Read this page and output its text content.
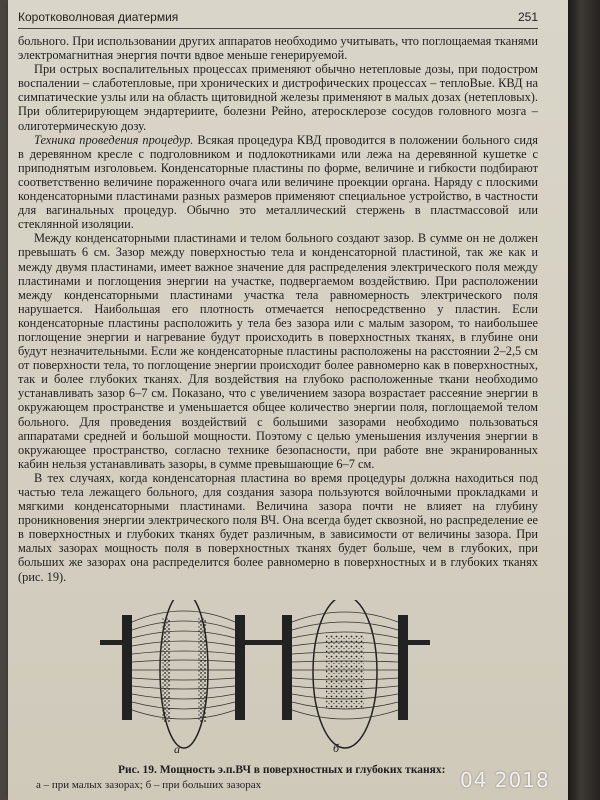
Коротковолновая диатермия	251

больного. При использовании других аппаратов необходимо учитывать, что поглощаемая тканями электромагнитная энергия почти вдвое меньше генерируемой.

При острых воспалительных процессах применяют обычно нетепловые дозы, при подостром воспалении – слаботепловые, при хронических и дистрофических процессах – теплоВые. КВД на симпатические узлы или на область щитовидной железы применяют в малых дозах (нетепловых). При облитерирующем эндартериите, болезни Рейно, атеросклерозе сосудов головного мозга – олиготермическую дозу.

Техника проведения процедур. Всякая процедура КВД проводится в положении больного сидя в деревянном кресле с подголовником и подлокотниками или лежа на деревянной кушетке с приподнятым изголовьем. Конденсаторные пластины по форме, величине и гибкости подбирают соответственно величине пораженного очага или величине проекции органа. Наряду с плоскими конденсаторными пластинами разных размеров применяют специальное устройство, в частности для вагинальных процедур. Обычно это металлический стержень в пластмассовой или стеклянной изоляции.

Между конденсаторными пластинами и телом больного создают зазор. В сумме он не должен превышать 6 см. Зазор между поверхностью тела и конденсаторной пластиной, так же как и между двумя пластинами, имеет важное значение для распределения электрического поля между пластинами и поглощения энергии на участке, подвергаемом воздействию. При расположении между конденсаторными пластинами участка тела равномерность электрического поля нарушается. Наибольшая его плотность отмечается непосредственно у пластин. Если конденсаторные пластины расположить у тела без зазора или с малым зазором, то наибольшее поглощение энергии и нагревание будут происходить в поверхностных тканях, в глубине они будут незначительными. Если же конденсаторные пластины расположены на расстоянии 2–2,5 см от поверхности тела, то поглощение энергии происходит более равномерно как в поверхностных, так и более глубоких тканях. Для воздействия на глубоко расположенные ткани необходимо устанавливать зазор 6–7 см. Показано, что с увеличением зазора возрастает рассеяние энергии в окружающем пространстве и уменьшается общее количество энергии поля, поглощаемой телом больного. Для проведения воздействий с большими зазорами необходимо пользоваться аппаратами средней и большой мощности. Поэтому с целью уменьшения излучения энергии в окружающее пространство, согласно технике безопасности, при работе вне экранированных кабин нельзя устанавливать зазоры, в сумме превышающие 6–7 см.

В тех случаях, когда конденсаторная пластина во время процедуры должна находиться под частью тела лежащего больного, для создания зазора пользуются войлочными прокладками и мягкими конденсаторными пластинами. Величина зазора почти не влияет на глубину проникновения энергии электрического поля ВЧ. Она всегда будет сквозной, но распределение ее в поверхностных и глубоких тканях будет различным, в зависимости от величины зазора. При малых зазорах мощность поля в поверхностных тканях будет больше, чем в глубоких, при больших же зазорах она распределится более равномерно в поверхностных и в глубоких тканях (рис. 19).

а	б
Рис. 19. Мощность э.п.ВЧ в поверхностных и глубоких тканях:
а – при малых зазорах; б – при больших зазорах	04 2018
